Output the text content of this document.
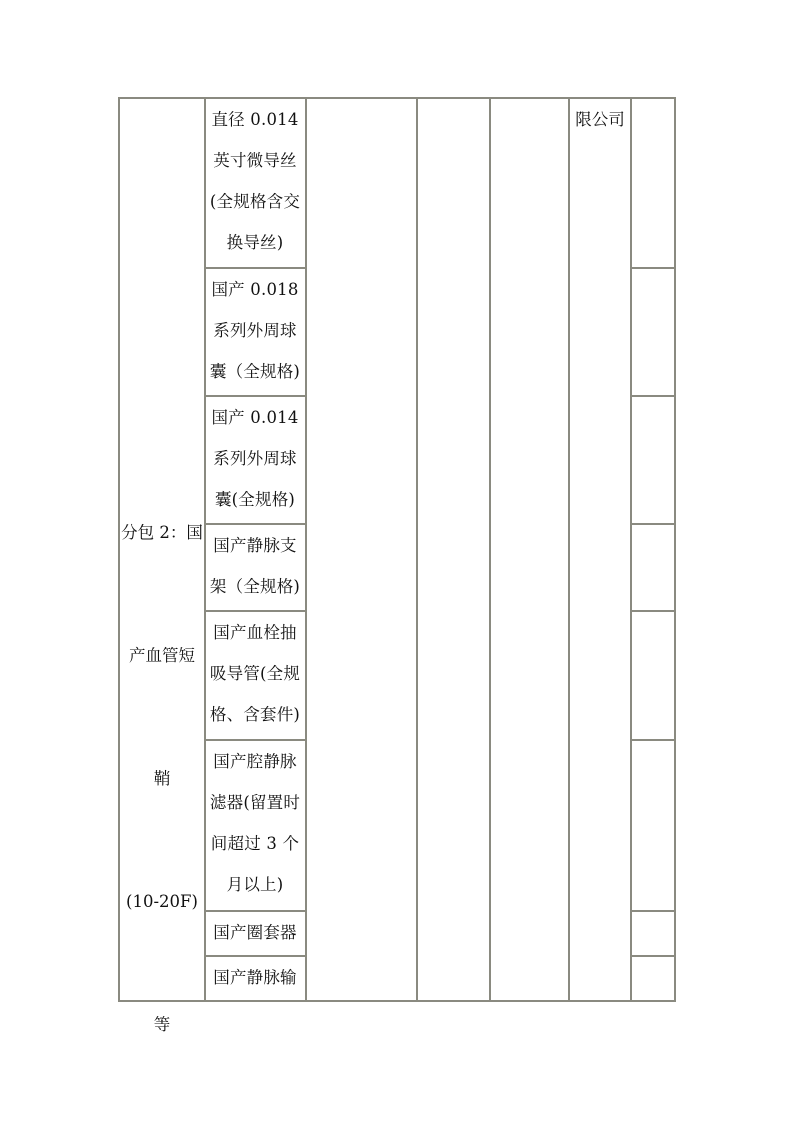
分包 2：国

产血管短

鞘

(10-20F)

等

直径 0.014
英寸微导丝
(全规格含交
换导丝)
国产 0.018
系列外周球
囊（全规格)
国产 0.014
系列外周球
囊(全规格)
国产静脉支
架（全规格)
国产血栓抽
吸导管(全规
格、含套件)
国产腔静脉
滤器(留置时
间超过 3 个
月以上)
国产圈套器
国产静脉输
限公司
